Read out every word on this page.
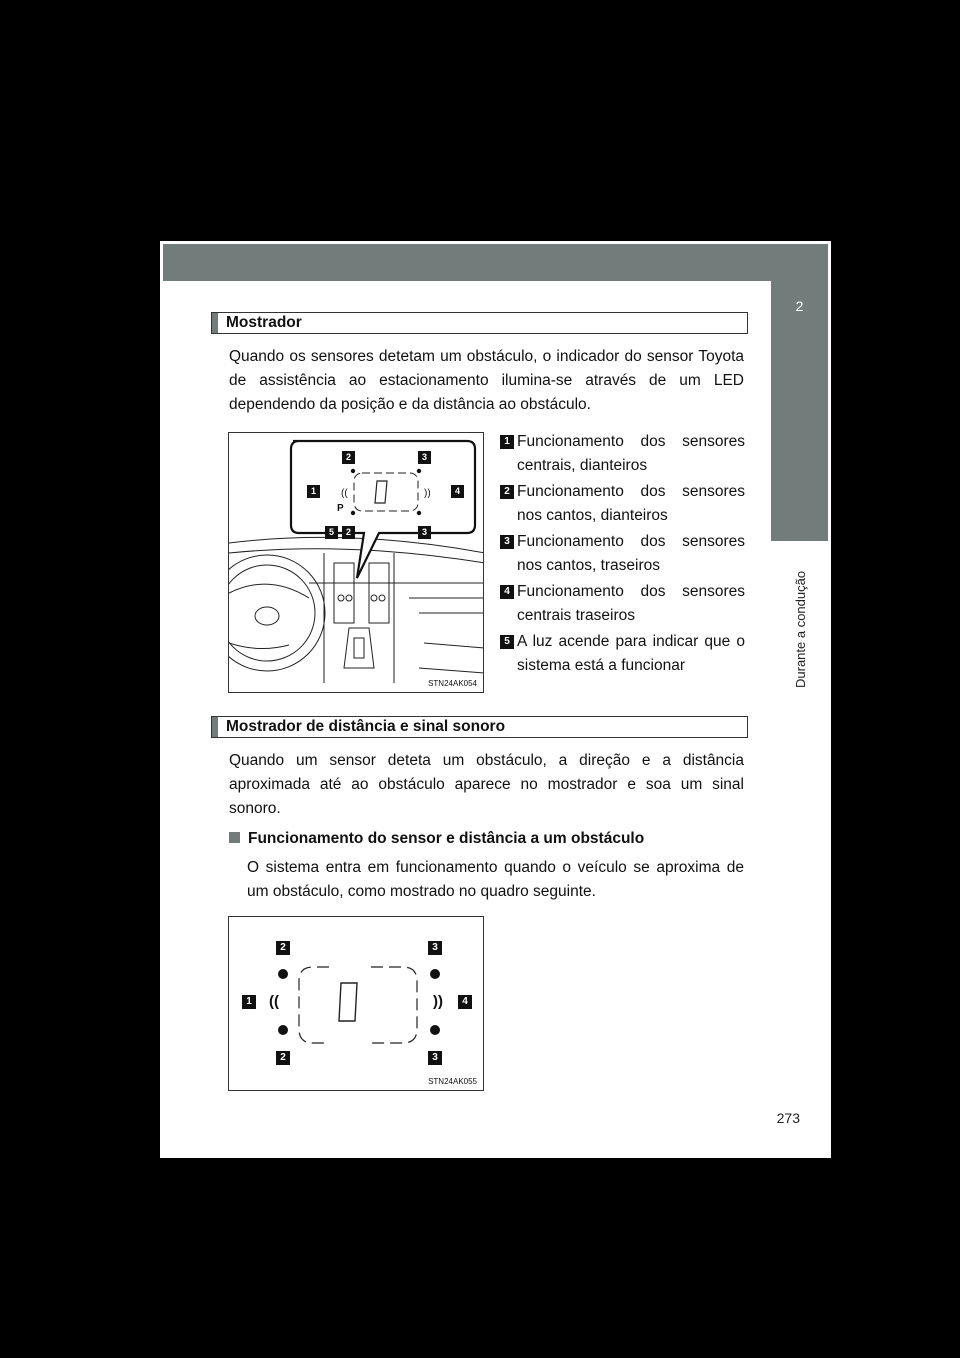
2
Durante a condução
Mostrador
Quando os sensores detetam um obstáculo, o indicador do sensor Toyota de assistência ao estacionamento ilumina-se através de um LED dependendo da posição e da distância ao obstáculo.
((	))
P
2	3
1	4
5	2	3
STN24AK054
1 Funcionamento dos sensores centrais, dianteiros
2 Funcionamento dos sensores nos cantos, dianteiros
3 Funcionamento dos sensores nos cantos, traseiros
4 Funcionamento dos sensores centrais traseiros
5 A luz acende para indicar que o sistema está a funcionar
Mostrador de distância e sinal sonoro
Quando um sensor deteta um obstáculo, a direção e a distância aproximada até ao obstáculo aparece no mostrador e soa um sinal sonoro.
Funcionamento do sensor e distância a um obstáculo
O sistema entra em funcionamento quando o veículo se aproxima de um obstáculo, como mostrado no quadro seguinte.
((	))
2	3
1	4
2	3
STN24AK055
273
